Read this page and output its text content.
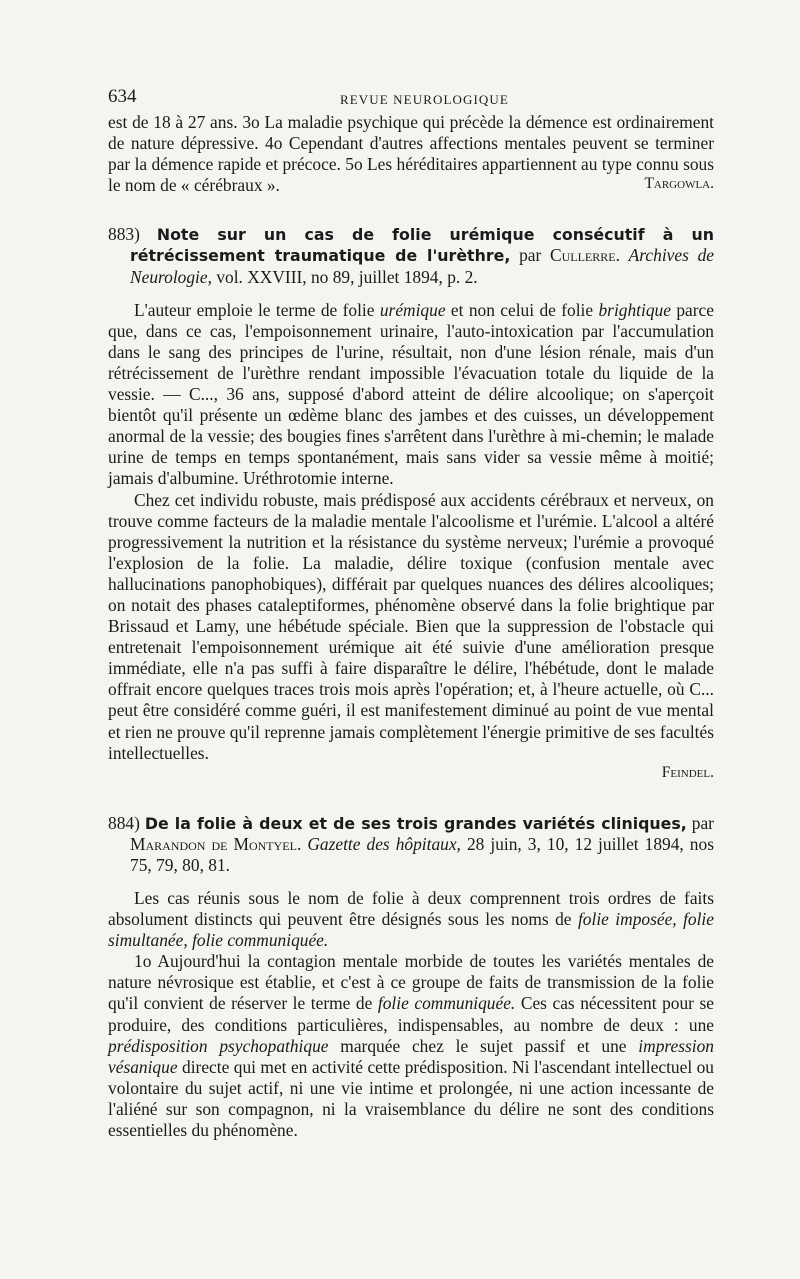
634	REVUE NEUROLOGIQUE

est de 18 à 27 ans. 3o La maladie psychique qui précède la démence est ordinairement de nature dépressive. 4o Cependant d'autres affections mentales peuvent se terminer par la démence rapide et précoce. 5o Les héréditaires appartiennent au type connu sous le nom de « cérébraux ».	Targowla.
883) Note sur un cas de folie urémique consécutif à un rétrécissement traumatique de l'urèthre, par Cullerre. Archives de Neurologie, vol. XXVIII, no 89, juillet 1894, p. 2.

L'auteur emploie le terme de folie urémique et non celui de folie brightique parce que, dans ce cas, l'empoisonnement urinaire, l'auto-intoxication par l'accumulation dans le sang des principes de l'urine, résultait, non d'une lésion rénale, mais d'un rétrécissement de l'urèthre rendant impossible l'évacuation totale du liquide de la vessie. — C..., 36 ans, supposé d'abord atteint de délire alcoolique; on s'aperçoit bientôt qu'il présente un œdème blanc des jambes et des cuisses, un développement anormal de la vessie; des bougies fines s'arrêtent dans l'urèthre à mi-chemin; le malade urine de temps en temps spontanément, mais sans vider sa vessie même à moitié; jamais d'albumine. Uréthrotomie interne.

Chez cet individu robuste, mais prédisposé aux accidents cérébraux et nerveux, on trouve comme facteurs de la maladie mentale l'alcoolisme et l'urémie. L'alcool a altéré progressivement la nutrition et la résistance du système nerveux; l'urémie a provoqué l'explosion de la folie. La maladie, délire toxique (confusion mentale avec hallucinations panophobiques), différait par quelques nuances des délires alcooliques; on notait des phases cataleptiformes, phénomène observé dans la folie brightique par Brissaud et Lamy, une hébétude spéciale. Bien que la suppression de l'obstacle qui entretenait l'empoisonnement urémique ait été suivie d'une amélioration presque immédiate, elle n'a pas suffi à faire disparaître le délire, l'hébétude, dont le malade offrait encore quelques traces trois mois après l'opération; et, à l'heure actuelle, où C... peut être considéré comme guéri, il est manifestement diminué au point de vue mental et rien ne prouve qu'il reprenne jamais complètement l'énergie primitive de ses facultés intellectuelles.

Feindel.
884) De la folie à deux et de ses trois grandes variétés cliniques, par Marandon de Montyel. Gazette des hôpitaux, 28 juin, 3, 10, 12 juillet 1894, nos 75, 79, 80, 81.

Les cas réunis sous le nom de folie à deux comprennent trois ordres de faits absolument distincts qui peuvent être désignés sous les noms de folie imposée, folie simultanée, folie communiquée.

1o Aujourd'hui la contagion mentale morbide de toutes les variétés mentales de nature névrosique est établie, et c'est à ce groupe de faits de transmission de la folie qu'il convient de réserver le terme de folie communiquée. Ces cas nécessitent pour se produire, des conditions particulières, indispensables, au nombre de deux : une prédisposition psychopathique marquée chez le sujet passif et une impression vésanique directe qui met en activité cette prédisposition. Ni l'ascendant intellectuel ou volontaire du sujet actif, ni une vie intime et prolongée, ni une action incessante de l'aliéné sur son compagnon, ni la vraisemblance du délire ne sont des conditions essentielles du phénomène.
